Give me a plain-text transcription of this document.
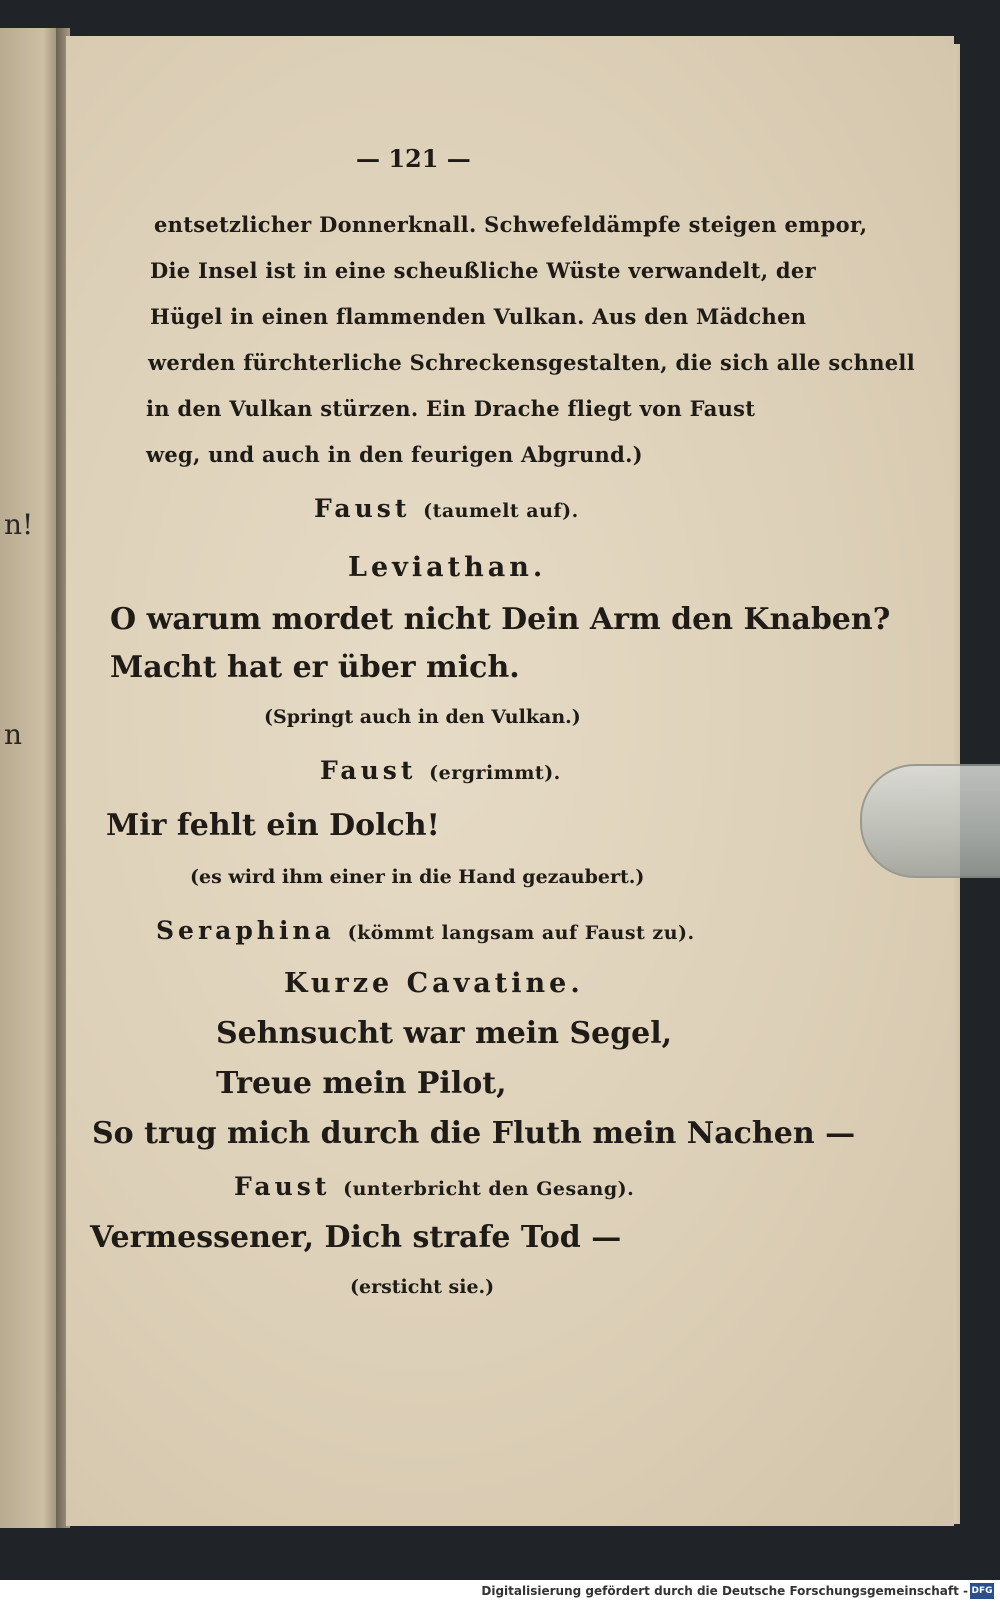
n!
n
— 121 —
entsetzlicher Donnerknall. Schwefeldämpfe steigen empor,
Die Insel ist in eine scheußliche Wüste verwandelt, der
Hügel in einen flammenden Vulkan. Aus den Mädchen
werden fürchterliche Schreckensgestalten, die sich alle schnell
in den Vulkan stürzen. Ein Drache fliegt von Faust
weg, und auch in den feurigen Abgrund.)
Faust (taumelt auf).
Leviathan.
O warum mordet nicht Dein Arm den Knaben?
Macht hat er über mich.
(Springt auch in den Vulkan.)
Faust (ergrimmt).
Mir fehlt ein Dolch!
(es wird ihm einer in die Hand gezaubert.)
Seraphina (kömmt langsam auf Faust zu).
Kurze Cavatine.
Sehnsucht war mein Segel,
Treue mein Pilot,
So trug mich durch die Fluth mein Nachen —
Faust (unterbricht den Gesang).
Vermessener, Dich strafe Tod —
(ersticht sie.)
Digitalisierung gefördert durch die Deutsche Forschungsgemeinschaft - DFG
